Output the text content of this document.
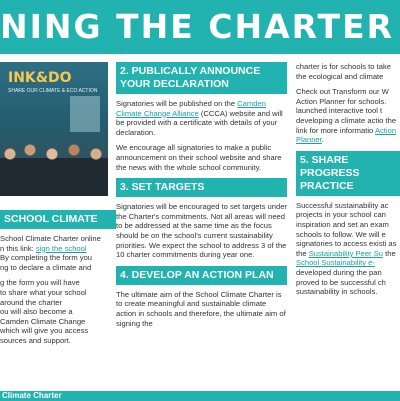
NING THE CHARTER
INK&DO
SHARE OUR CLIMATE & ECO ACTION
SCHOOL CLIMATE

School Climate Charter online
n this link: sign the school
By completing the form you
ng to declare a climate and

g the form you will have
to share what your school
around the charter
ou will also become a
Camden Climate Change
which will give you access
sources and support.

2. PUBLICALLY ANNOUNCE YOUR DECLARATION

Signatories will be published on the Camden Climate Change Alliance (CCCA) website and will be provided with a certificate with details of your declaration.

We encourage all signatories to make a public announcement on their school website and share the news with the whole school community.

3. SET TARGETS

Signatories will be encouraged to set targets under the Charter's commitments. Not all areas will need to be addressed at the same time as the focus should be on the school's current sustainability priorities. We expect the school to address 3 of the 10 charter commitments during year one.

4. DEVELOP AN ACTION PLAN

The ultimate aim of the School Climate Charter is to create meaningful and sustainable climate action in schools and therefore, the ultimate aim of signing the

charter is for schools to take the ecological and climate

Check out Transform our W Action Planner for schools. launched interactive tool t developing a climate actio the link for more informatio Action Planner.

5. SHARE PROGRESS PRACTICE

Successful sustainability ac projects in your school can inspiration and set an exam schools to follow. We will e signatories to access existi as the Sustainability Peer Su the School Sustainability e- developed during the pan proved to be successful ch sustainability in schools.

Climate Charter
